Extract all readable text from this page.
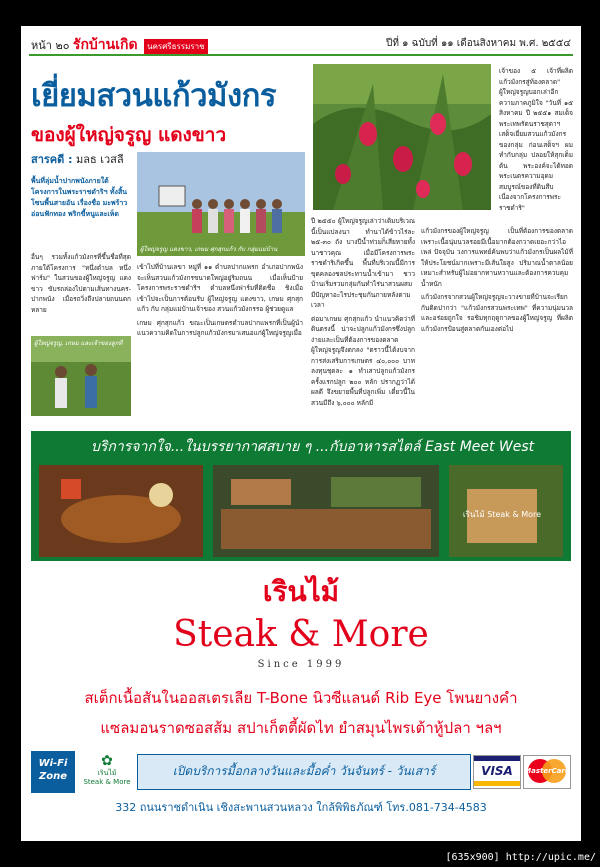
หน้า ๒๐ รักบ้านเกิด นครศรีธรรมราช	ปีที่ ๑ ฉบับที่ ๑๑ เดือนสิงหาคม พ.ศ. ๒๕๕๔
เยี่ยมสวนแก้วมังกร
ของผู้ใหญ่จรูญ แดงขาว
สารคดี : มลธ เวสลี
เจ้าของ ๕ เจ้าที่ผลิตแก้วมังกรสู่ท้องตลาด" ผู้ใหญ่จรูญบอกเล่าอีกความภาคภูมิใจ "วันที่ ๑๕ สิงหาคม ปี ๒๕๕๑ สมเด็จพระเทพรัตนราชสุดาฯ เสด็จเยี่ยมสวนแก้วมังกรของกลุ่ม ก่อนเสด็จฯ ผมทำกับกลุ่ม ปลอยให้สุกเต็มต้น พระองค์จะได้ทอดพระเนตรความอุดมสมบูรณ์ของที่ดินสืบเนื่องจากโครงการพระราชดำริ"
แก้วมังกรของผู้ใหญ่จรูญ เป็นที่ต้องการของตลาด เพราะเนื้อนุ่มนวลรอยมีเนื้อมากต้องกวาดเยอะกว่าไอเพล่ ปัจจุบัน วงการแพทย์ค้นพบว่าแก้วมังกรเป็นผลไม้ที่ให้ประโยชน์มากเพราะมีเส้นใยสูง ปริมาณน้ำตาลน้อยเหมาะสำหรับผู้ไม่อยากทานหวานและต้องการควบคุมน้ำหนัก
แก้วมังกรจากสวนผู้ใหญ่จรูญจะวางขายที่บ้านจะเรียกกันติดปากว่า "แก้วมังกรสวนพระเทพ" ที่ความนุ่มนวลและอร่อยถูกใจ รอชิมทุกฤดูกาลของผู้ใหญ่จรูญ ที่ผลิตแก้วมังกรป้อนสู่ตลาดกันเองต่อไป
พื้นที่ลุ่มน้ำปากพนังภายใต้โครงการในพระราชดำริฯ ทั้งสิ้นโซนพื้นสายอัน เรื่องชื่อ มะพร้าวอ่อนฟักทอง พริกขี้หนูและเห็ด
ผู้ใหญ่จรูญ แดงขาว, เกษม ศุกสุกแก้ว กับ กลุ่มแม่บ้าน
อื่นๆ รวมทั้งแก้วมังกรที่ขึ้นชื่อที่สุดภายใต้โครงการ "หนึ่งตำบล หนึ่งฟาร์ม" ในสวนของผู้ใหญ่จรูญ แดงขาว ขับรถล่องไปตามเส้นทางนคร-ปากพนัง เมื่อรถวิ่งถึงปลายถนนตกหลาย
ผู้ใหญ่จรูญ, เกษม และเจ้าของลูกที่
เข้าไปที่บ้านเลขา หมู่ที่ ๑๑ ตำบลปากแพรก อำเภอปากพนัง จะเห็นสวนแก้วมังกรขนาดใหญ่อยู่ริมถนน เมื่อเห็นป้ายโครงการพระราชดำริฯ ตำบลหนึ่งฟาร์มที่ติดชื่อ ชิงเมื่อเข้าไปจะเป็นการต้อนรับ ผู้ใหญ่จรูญ แดงขาว, เกษม ศุกสุกแก้ว กับ กลุ่มแม่บ้านเจ้าของ สวนแก้วมังกรรอ ผู้ช่วยดูแล
เกษม ศุกสุกแก้ว ขณะเป็นเกษตรตำบลปากแพรกที่เป็นผู้นำแนวความคิดในการปลูกแก้วมังกรมาเสนอแก่ผู้ใหญ่จรูญเมื่อ
ปี ๒๕๕๐ ผู้ใหญ่จรูญเล่าว่าเดิมบริเวณนี้เป็นแปลงนา ทำนาได้ข้าวไร่ละ ๒๕-๓๐ ถัง บางปีน้ำท่วมก็เสียหายทั้งนาชาวคุณ เมื่อมีโครงการพระราชดำริเกิดขึ้น พื้นที่บริเวณนี้มีการขุดคลองชลประทานน้ำเข้ามา ชาวบ้านเริ่มรวมกลุ่มกันทำไร่นาสวนผสม มีปัญหาอะไรประชุมกันภายหลังตามเวลา
ต่อมาเกษม ศุกสุกแก้ว นำแนวคิดว่าที่ดินตรงนี้ น่าจะปลูกแก้วมังกรซึ่งปลูกง่ายและเป็นที่ต้องการของตลาด ผู้ใหญ่จรูญจึงตกลง "ตราวนี้ได้งบจากการส่งเสริมการเกษตร ๔๐,๐๐๐ บาท ลงทุนชุดละ ๑ ทำเสาปลูกแก้วมังกร ครั้งแรกปลูก ๒๐๐ หลัก ปรากฏว่าได้ผลดี จึงขยายพื้นที่ปลูกเพิ่ม เดี๋ยวนี้ในสวนมีถึง ๖,๐๐๐ หลักมี
บริการจากใจ...ในบรรยากาศสบาย ๆ ...กับอาหารสไตล์ East Meet West
เรินไม้ Steak & More
เรินไม้
Steak & More
Since 1999
สเต็กเนื้อสันในออสเตรเลีย T-Bone นิวซีแลนด์ Rib Eye โพนยางคำ
แซลมอนราดซอสส้ม สปาเก็ตตี้ผัดไท ยำสมุนไพรเต้าหู้ปลา ฯลฯ
Wi-Fi
Zone
✿
เรินไม้
Steak & More
เปิดบริการมื้อกลางวันและมื้อค่ำ วันจันทร์ - วันเสาร์	VISA	MasterCard
332 ถนนราชดำเนิน เชิงสะพานสวนหลวง ใกล้พิพิธภัณฑ์ โทร.081-734-4583
[635x900] http://upic.me/
